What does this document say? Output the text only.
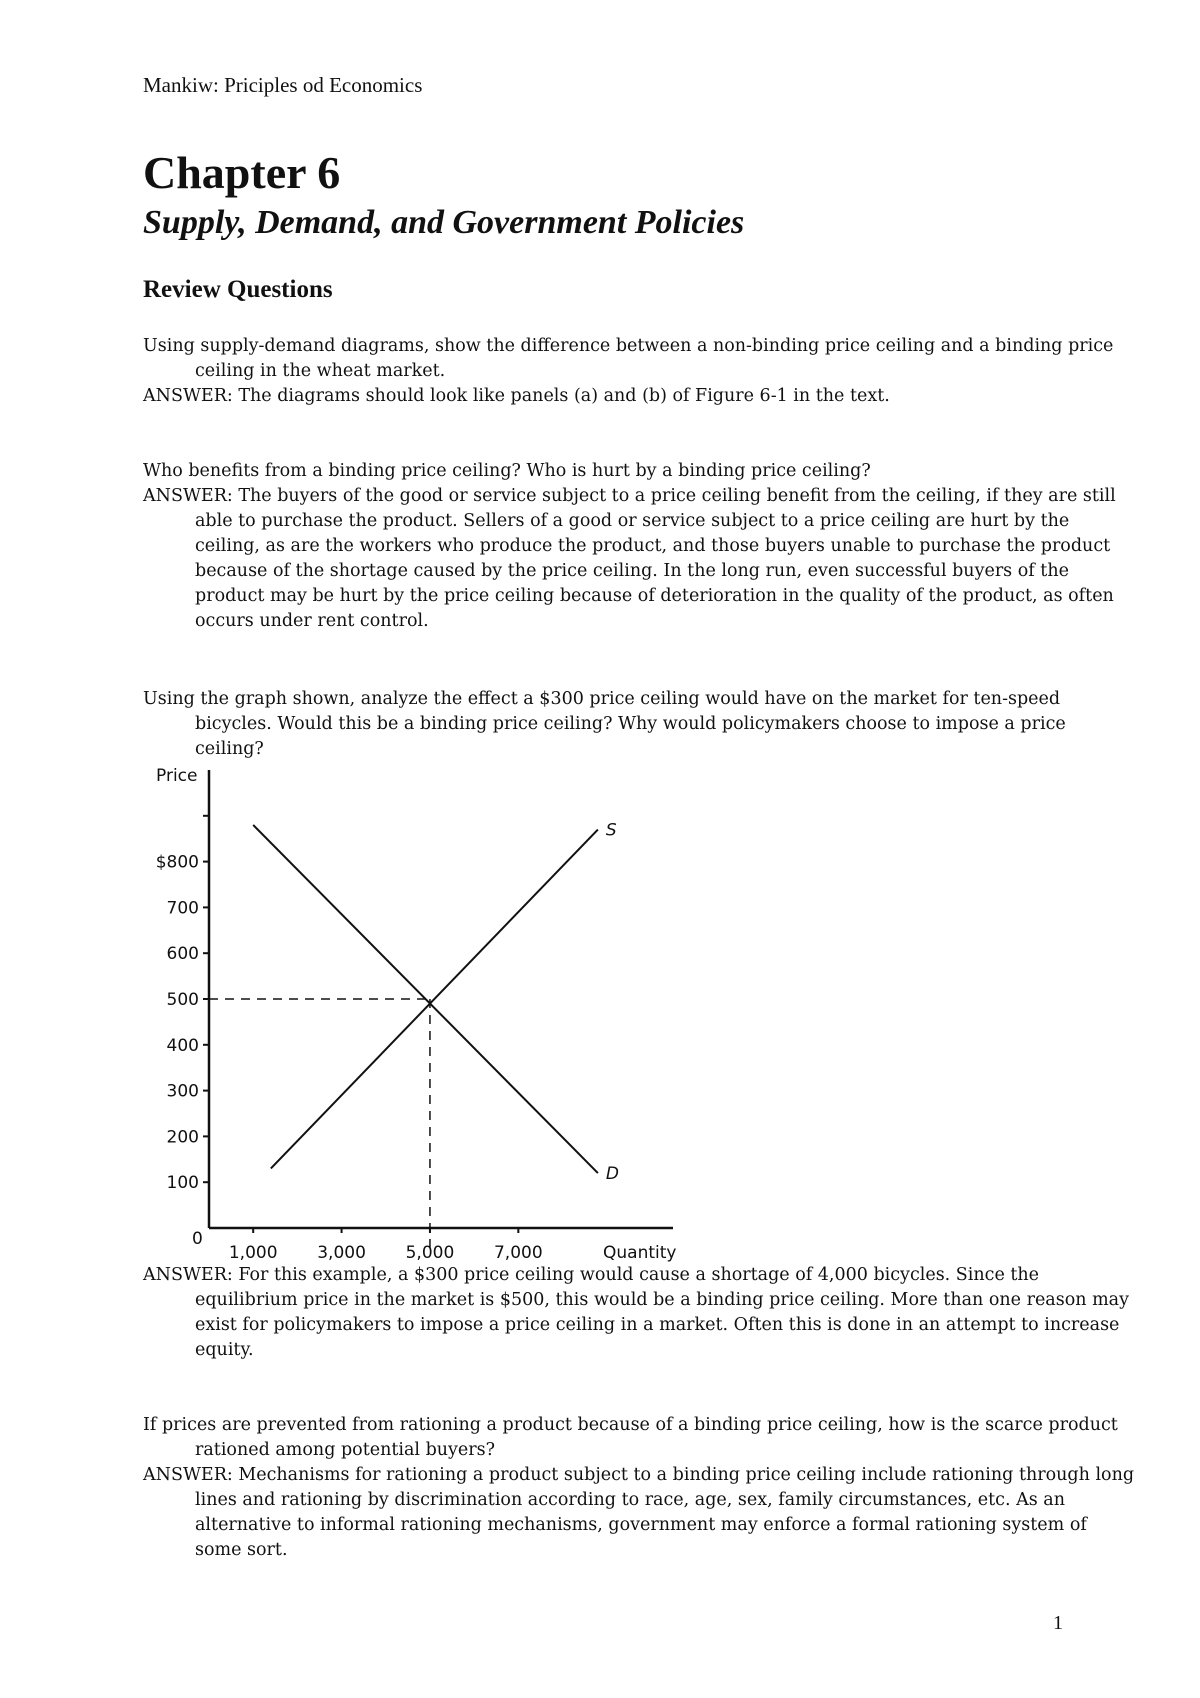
Mankiw: Priciples od Economics
Chapter 6
Supply, Demand, and Government Policies
Review Questions

Using supply-demand diagrams, show the difference between a non-binding price ceiling and a binding price ceiling in the wheat market.

ANSWER: The diagrams should look like panels (a) and (b) of Figure 6-1 in the text.

Who benefits from a binding price ceiling? Who is hurt by a binding price ceiling?

ANSWER: The buyers of the good or service subject to a price ceiling benefit from the ceiling, if they are still able to purchase the product. Sellers of a good or service subject to a price ceiling are hurt by the ceiling, as are the workers who produce the product, and those buyers unable to purchase the product because of the shortage caused by the price ceiling. In the long run, even successful buyers of the product may be hurt by the price ceiling because of deterioration in the quality of the product, as often occurs under rent control.

Using the graph shown, analyze the effect a $300 price ceiling would have on the market for ten-speed bicycles. Would this be a binding price ceiling? Why would policymakers choose to impose a price ceiling?

Price
100
200
300
400
500
600
700
$800
1,000 3,000 5,000 7,000
S
D
0
Quantity

ANSWER: For this example, a $300 price ceiling would cause a shortage of 4,000 bicycles. Since the equilibrium price in the market is $500, this would be a binding price ceiling. More than one reason may exist for policymakers to impose a price ceiling in a market. Often this is done in an attempt to increase equity.

If prices are prevented from rationing a product because of a binding price ceiling, how is the scarce product rationed among potential buyers?

ANSWER: Mechanisms for rationing a product subject to a binding price ceiling include rationing through long lines and rationing by discrimination according to race, age, sex, family circumstances, etc. As an alternative to informal rationing mechanisms, government may enforce a formal rationing system of some sort.

1
